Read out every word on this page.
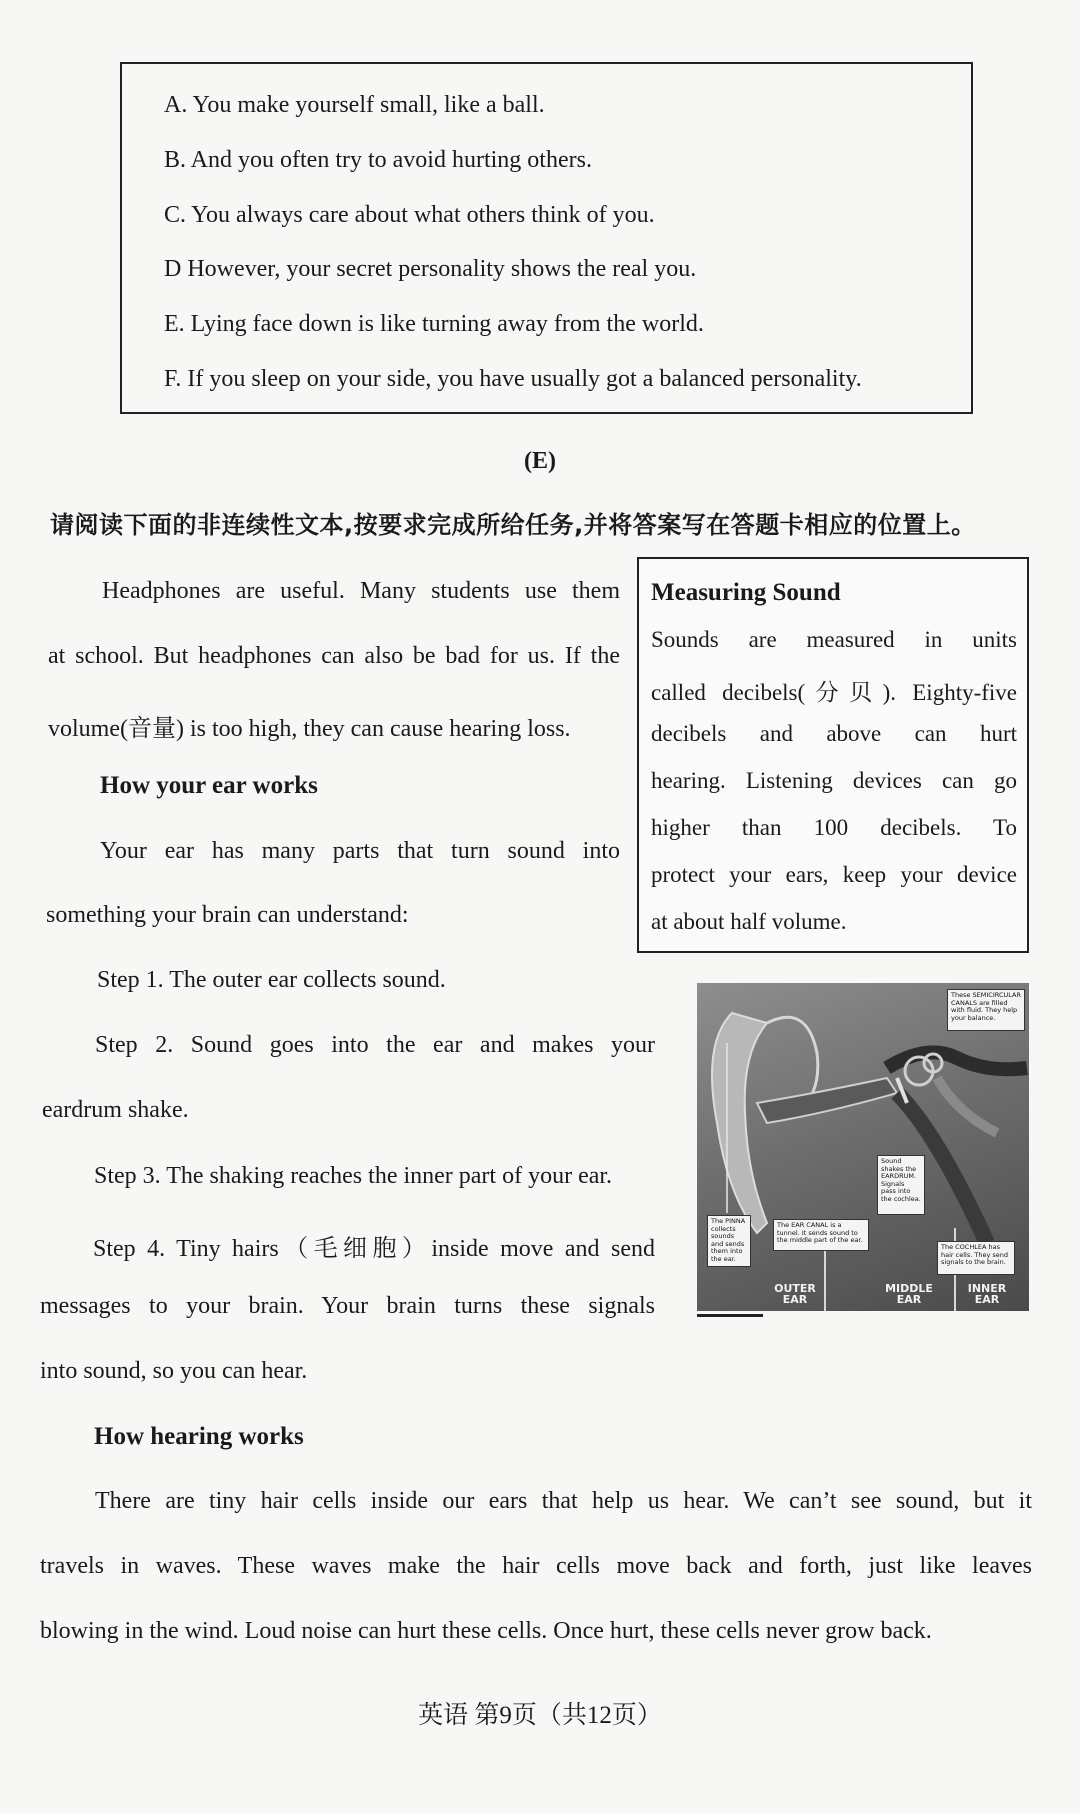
A. You make yourself small, like a ball.
B. And you often try to avoid hurting others.
C. You always care about what others think of you.
D However, your secret personality shows the real you.
E. Lying face down is like turning away from the world.
F. If you sleep on your side, you have usually got a balanced personality.
(E)
请阅读下面的非连续性文本,按要求完成所给任务,并将答案写在答题卡相应的位置上。
Headphones are useful. Many students use them
at school. But headphones can also be bad for us. If the
volume(音量) is too high, they can cause hearing loss.
How your ear works
Your ear has many parts that turn sound into
something your brain can understand:
Step 1. The outer ear collects sound.
Step 2. Sound goes into the ear and makes your
eardrum shake.
Step 3. The shaking reaches the inner part of your ear.
Step 4. Tiny hairs（毛细胞）inside move and send
messages to your brain. Your brain turns these signals
into sound, so you can hear.
How hearing works
There are tiny hair cells inside our ears that help us hear. We can’t see sound, but it
travels in waves. These waves make the hair cells move back and forth, just like leaves
blowing in the wind. Loud noise can hurt these cells. Once hurt, these cells never grow back.
Measuring Sound
Sounds are measured in units
called decibels(分贝). Eighty-five
decibels and above can hurt
hearing. Listening devices can go
higher than 100 decibels. To
protect your ears, keep your device
at about half volume.
These SEMICIRCULAR CANALS are filled with fluid. They help your balance.
Sound shakes the EARDRUM. Signals pass into the cochlea.
The PINNA collects sounds and sends them into the ear.
The EAR CANAL is a tunnel. It sends sound to the middle part of the ear.
The COCHLEA has hair cells. They send signals to the brain.
OUTER EAR
MIDDLE EAR
INNER EAR
英语 第9页（共12页）
